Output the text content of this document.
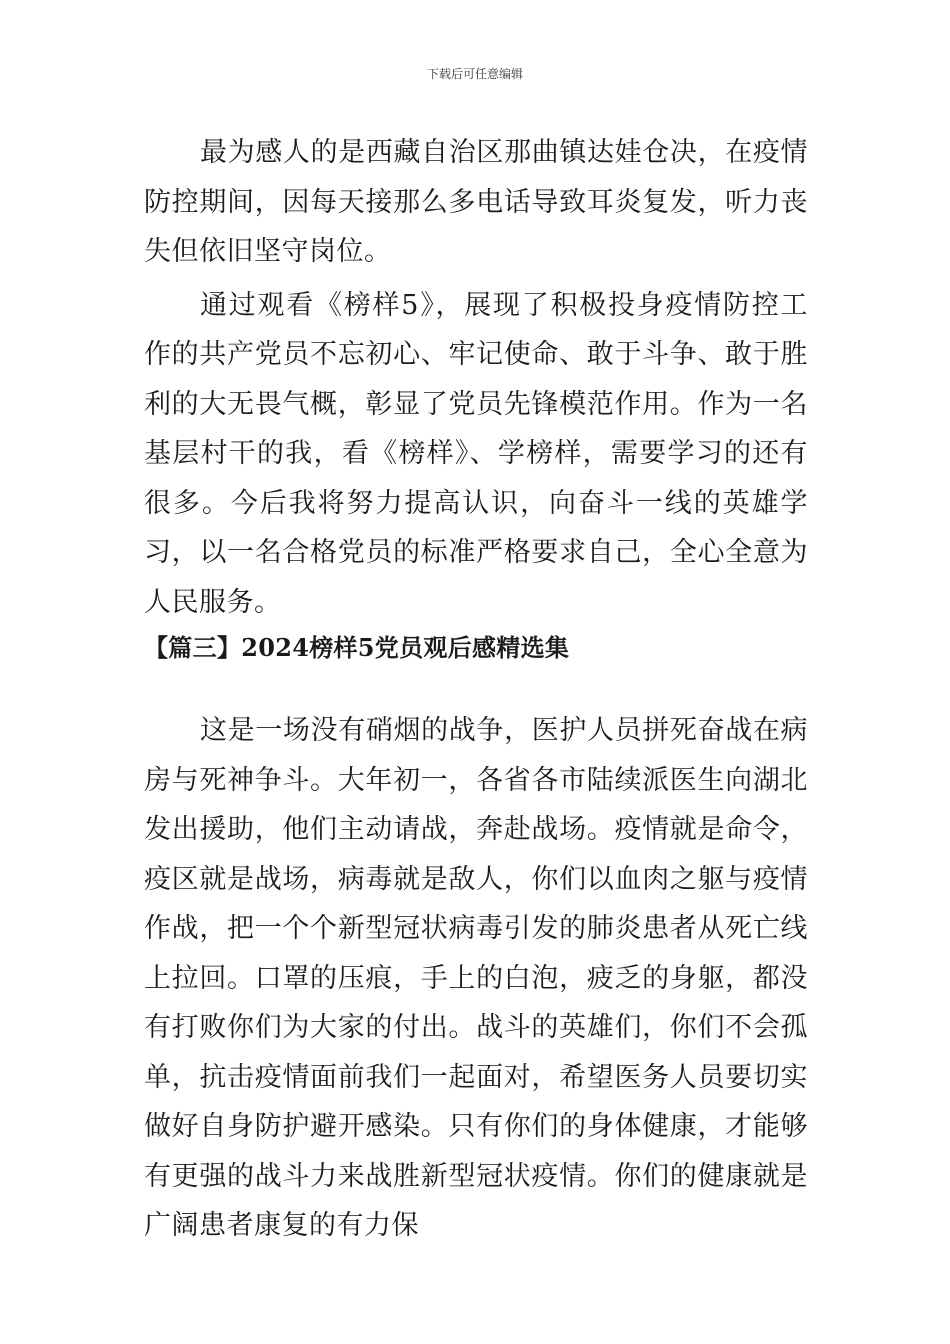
下载后可任意编辑

最为感人的是西藏自治区那曲镇达娃仓决，在疫情防控期间，因每天接那么多电话导致耳炎复发，听力丧失但依旧坚守岗位。

通过观看《榜样5》，展现了积极投身疫情防控工作的共产党员不忘初心、牢记使命、敢于斗争、敢于胜利的大无畏气概，彰显了党员先锋模范作用。作为一名基层村干的我，看《榜样》、学榜样，需要学习的还有很多。今后我将努力提高认识，向奋斗一线的英雄学习，以一名合格党员的标准严格要求自己，全心全意为人民服务。

【篇三】2024榜样5党员观后感精选集

这是一场没有硝烟的战争，医护人员拼死奋战在病房与死神争斗。大年初一，各省各市陆续派医生向湖北发出援助，他们主动请战，奔赴战场。疫情就是命令，疫区就是战场，病毒就是敌人，你们以血肉之躯与疫情作战，把一个个新型冠状病毒引发的肺炎患者从死亡线上拉回。口罩的压痕，手上的白泡，疲乏的身躯，都没有打败你们为大家的付出。战斗的英雄们，你们不会孤单，抗击疫情面前我们一起面对，希望医务人员要切实做好自身防护避开感染。只有你们的身体健康，才能够有更强的战斗力来战胜新型冠状疫情。你们的健康就是广阔患者康复的有力保
